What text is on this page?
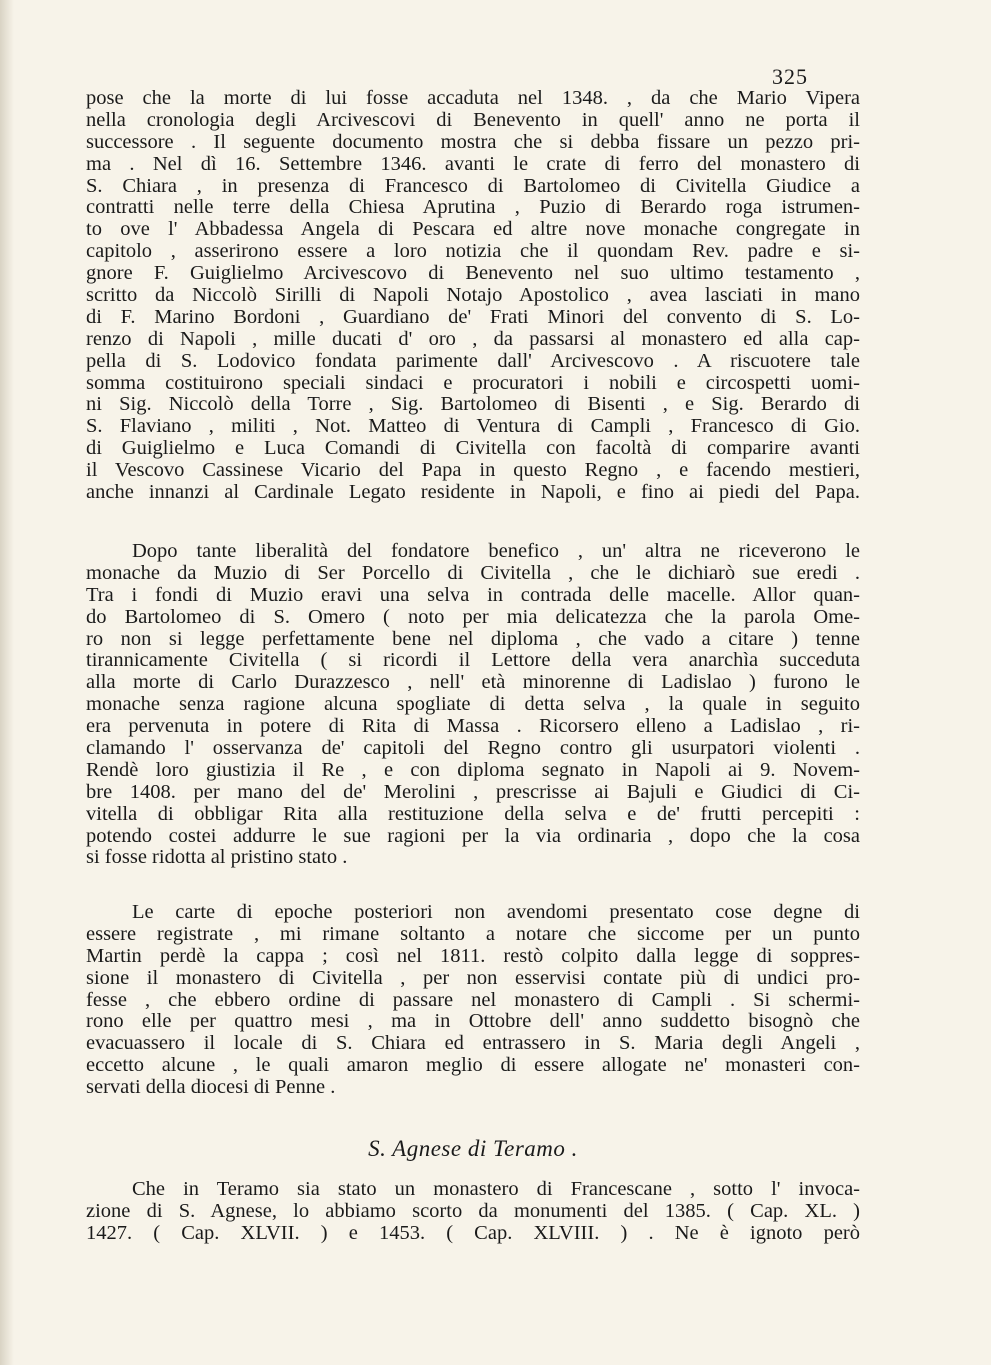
325
pose che la morte di lui fosse accaduta nel 1348. , da che Mario Vipera
nella cronologia degli Arcivescovi di Benevento in quell' anno ne porta il
successore . Il seguente documento mostra che si debba fissare un pezzo pri-
ma . Nel dì 16. Settembre 1346. avanti le crate di ferro del monastero di
S. Chiara , in presenza di Francesco di Bartolomeo di Civitella Giudice a
contratti nelle terre della Chiesa Aprutina , Puzio di Berardo roga istrumen-
to ove l' Abbadessa Angela di Pescara ed altre nove monache congregate in
capitolo , asserirono essere a loro notizia che il quondam Rev. padre e si-
gnore F. Guiglielmo Arcivescovo di Benevento nel suo ultimo testamento ,
scritto da Niccolò Sirilli di Napoli Notajo Apostolico , avea lasciati in mano
di F. Marino Bordoni , Guardiano de' Frati Minori del convento di S. Lo-
renzo di Napoli , mille ducati d' oro , da passarsi al monastero ed alla cap-
pella di S. Lodovico fondata parimente dall' Arcivescovo . A riscuotere tale
somma costituirono speciali sindaci e procuratori i nobili e circospetti uomi-
ni Sig. Niccolò della Torre , Sig. Bartolomeo di Bisenti , e Sig. Berardo di
S. Flaviano , militi , Not. Matteo di Ventura di Campli , Francesco di Gio.
di Guiglielmo e Luca Comandi di Civitella con facoltà di comparire avanti
il Vescovo Cassinese Vicario del Papa in questo Regno , e facendo mestieri,
anche innanzi al Cardinale Legato residente in Napoli, e fino ai piedi del Papa.
Dopo tante liberalità del fondatore benefico , un' altra ne riceverono le
monache da Muzio di Ser Porcello di Civitella , che le dichiarò sue eredi .
Tra i fondi di Muzio eravi una selva in contrada delle macelle. Allor quan-
do Bartolomeo di S. Omero ( noto per mia delicatezza che la parola Ome-
ro non si legge perfettamente bene nel diploma , che vado a citare ) tenne
tirannicamente Civitella ( si ricordi il Lettore della vera anarchìa succeduta
alla morte di Carlo Durazzesco , nell' età minorenne di Ladislao ) furono le
monache senza ragione alcuna spogliate di detta selva , la quale in seguito
era pervenuta in potere di Rita di Massa . Ricorsero elleno a Ladislao , ri-
clamando l' osservanza de' capitoli del Regno contro gli usurpatori violenti .
Rendè loro giustizia il Re , e con diploma segnato in Napoli ai 9. Novem-
bre 1408. per mano del de' Merolini , prescrisse ai Bajuli e Giudici di Ci-
vitella di obbligar Rita alla restituzione della selva e de' frutti percepiti :
potendo costei addurre le sue ragioni per la via ordinaria , dopo che la cosa
si fosse ridotta al pristino stato .
Le carte di epoche posteriori non avendomi presentato cose degne di
essere registrate , mi rimane soltanto a notare che siccome per un punto
Martin perdè la cappa ; così nel 1811. restò colpito dalla legge di soppres-
sione il monastero di Civitella , per non esservisi contate più di undici pro-
fesse , che ebbero ordine di passare nel monastero di Campli . Si schermi-
rono elle per quattro mesi , ma in Ottobre dell' anno suddetto bisognò che
evacuassero il locale di S. Chiara ed entrassero in S. Maria degli Angeli ,
eccetto alcune , le quali amaron meglio di essere allogate ne' monasteri con-
servati della diocesi di Penne .
S. Agnese di Teramo .
Che in Teramo sia stato un monastero di Francescane , sotto l' invoca-
zione di S. Agnese, lo abbiamo scorto da monumenti del 1385. ( Cap. XL. )
1427. ( Cap. XLVII. ) e 1453. ( Cap. XLVIII. ) . Ne è ignoto però
